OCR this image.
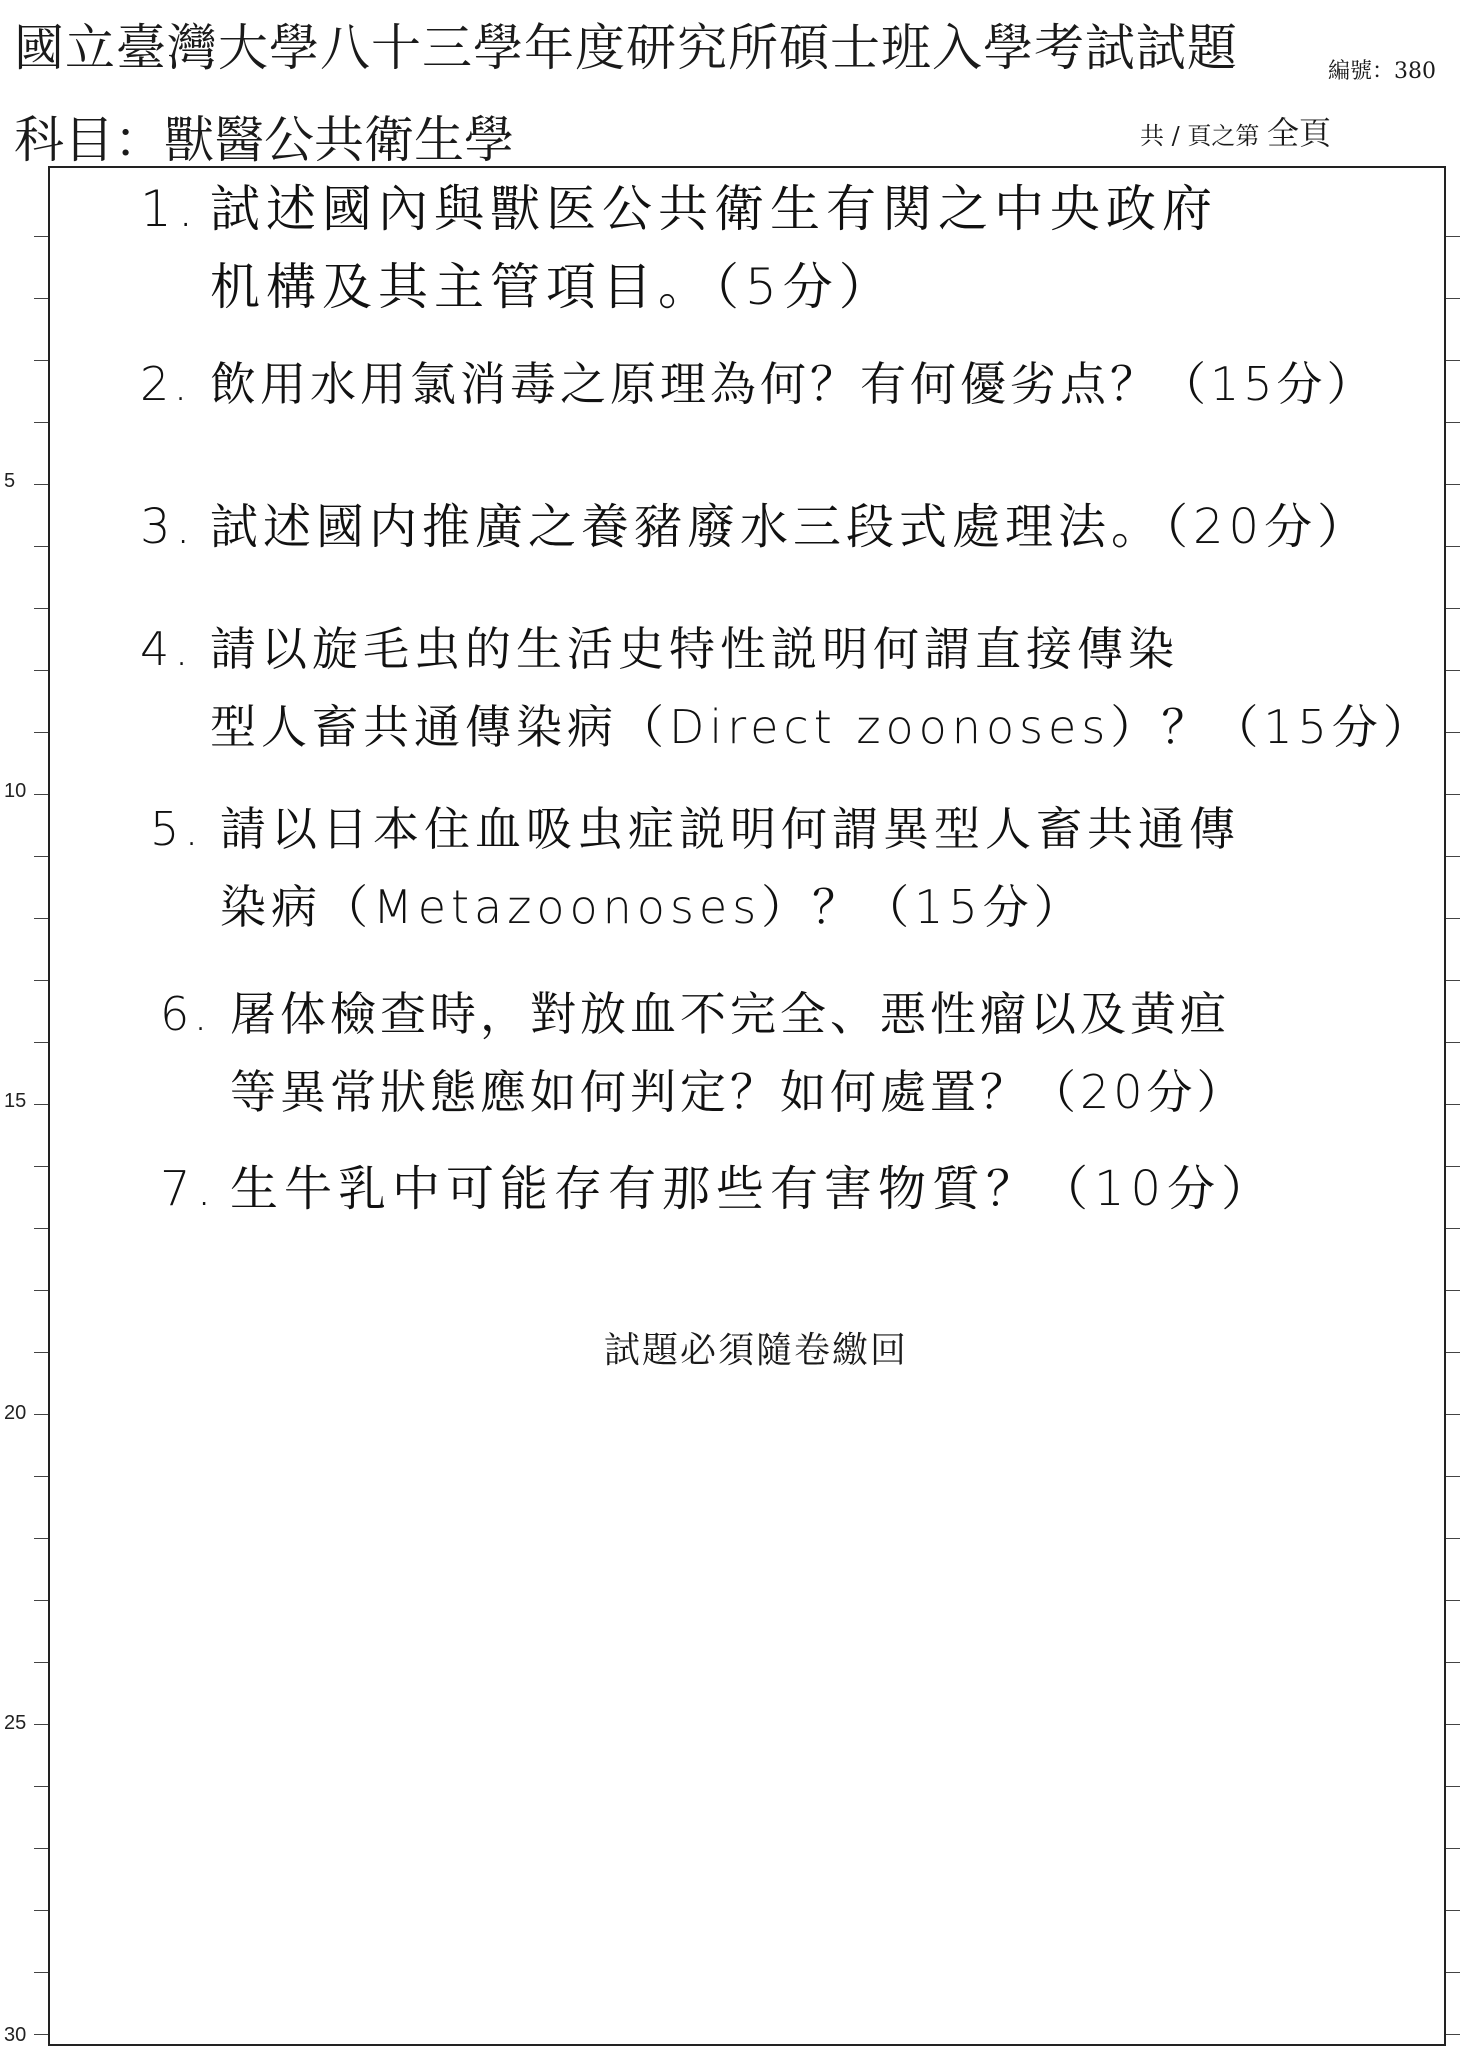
國立臺灣大學八十三學年度研究所碩士班入學考試試題	編號：380
科目：獸醫公共衛生學	共 / 頁之第 全頁
5
10
15
20
25
30
1. 試述國內與獸医公共衛生有関之中央政府
机構及其主管項目。（5分）
2. 飲用水用氯消毒之原理為何？有何優劣点？（15分）
3. 試述國内推廣之養豬廢水三段式處理法。（20分）
4. 請以旋毛虫的生活史特性説明何謂直接傳染
型人畜共通傳染病（Direct zoonoses）？（15分）
5. 請以日本住血吸虫症説明何謂異型人畜共通傳
染病（Metazoonoses）？（15分）
6. 屠体檢查時，對放血不完全、悪性瘤以及黄疸
等異常狀態應如何判定？如何處置？（20分）
7. 生牛乳中可能存有那些有害物質？（10分）
試題必須隨卷繳回
